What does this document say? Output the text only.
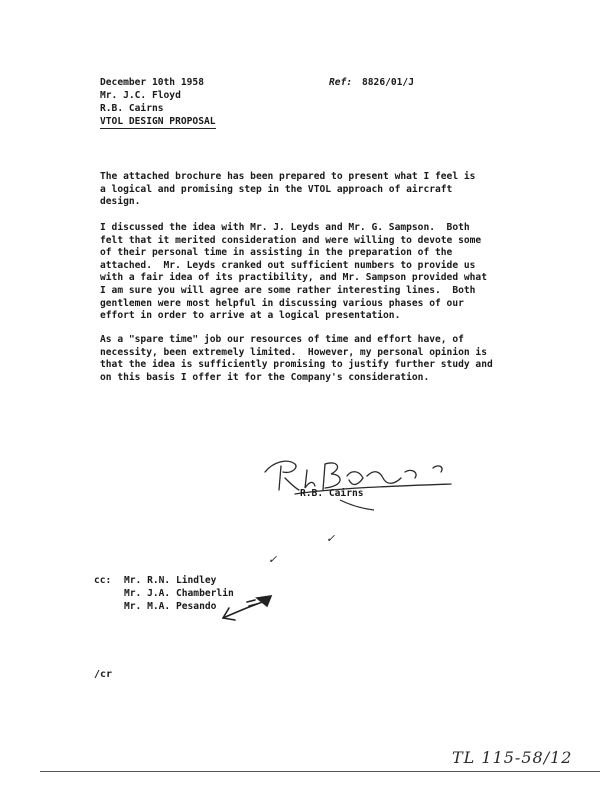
December 10th 1958	Ref: 8826/01/J
Mr. J.C. Floyd
R.B. Cairns
VTOL DESIGN PROPOSAL
The attached brochure has been prepared to present what I feel is
a logical and promising step in the VTOL approach of aircraft
design.
I discussed the idea with Mr. J. Leyds and Mr. G. Sampson.  Both
felt that it merited consideration and were willing to devote some
of their personal time in assisting in the preparation of the
attached.  Mr. Leyds cranked out sufficient numbers to provide us
with a fair idea of its practibility, and Mr. Sampson provided what
I am sure you will agree are some rather interesting lines.  Both
gentlemen were most helpful in discussing various phases of our
effort in order to arrive at a logical presentation.
As a "spare time" job our resources of time and effort have, of
necessity, been extremely limited.  However, my personal opinion is
that the idea is sufficiently promising to justify further study and
on this basis I offer it for the Company's consideration.
R.B. Cairns
✓
✓
cc: Mr. R.N. Lindley
Mr. J.A. Chamberlin
Mr. M.A. Pesando
/cr
TL 115-58/12
